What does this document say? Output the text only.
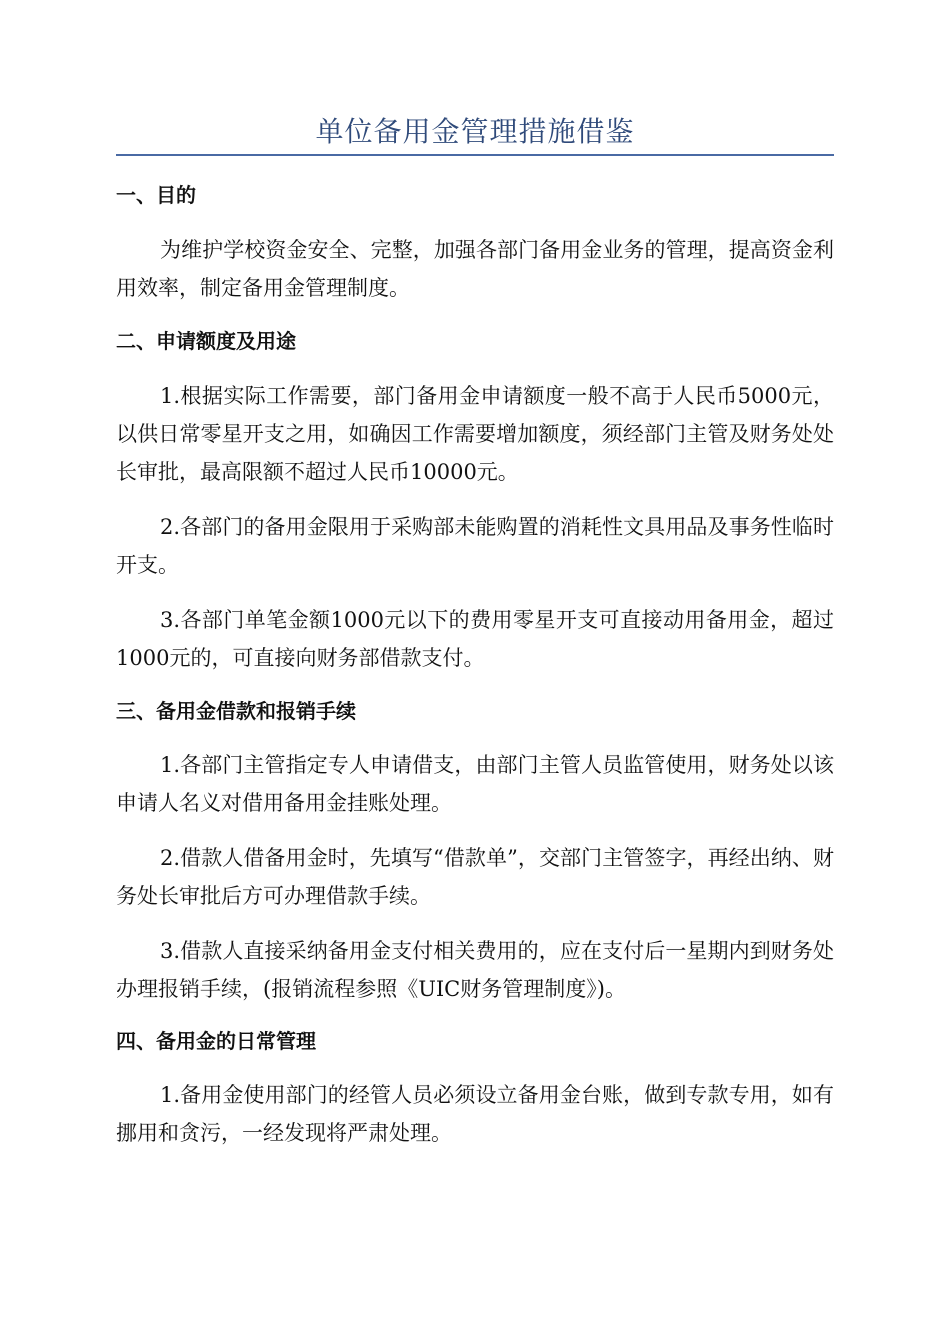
单位备用金管理措施借鉴
一、目的
为维护学校资金安全、完整，加强各部门备用金业务的管理，提高资金利用效率，制定备用金管理制度。
二、申请额度及用途
1.根据实际工作需要，部门备用金申请额度一般不高于人民币5000元，以供日常零星开支之用，如确因工作需要增加额度，须经部门主管及财务处处长审批，最高限额不超过人民币10000元。
2.各部门的备用金限用于采购部未能购置的消耗性文具用品及事务性临时开支。
3.各部门单笔金额1000元以下的费用零星开支可直接动用备用金，超过1000元的，可直接向财务部借款支付。
三、备用金借款和报销手续
1.各部门主管指定专人申请借支，由部门主管人员监管使用，财务处以该申请人名义对借用备用金挂账处理。
2.借款人借备用金时，先填写“借款单”，交部门主管签字，再经出纳、财务处长审批后方可办理借款手续。
3.借款人直接采纳备用金支付相关费用的，应在支付后一星期内到财务处办理报销手续，(报销流程参照《UIC财务管理制度》)。
四、备用金的日常管理
1.备用金使用部门的经管人员必须设立备用金台账，做到专款专用，如有挪用和贪污，一经发现将严肃处理。
